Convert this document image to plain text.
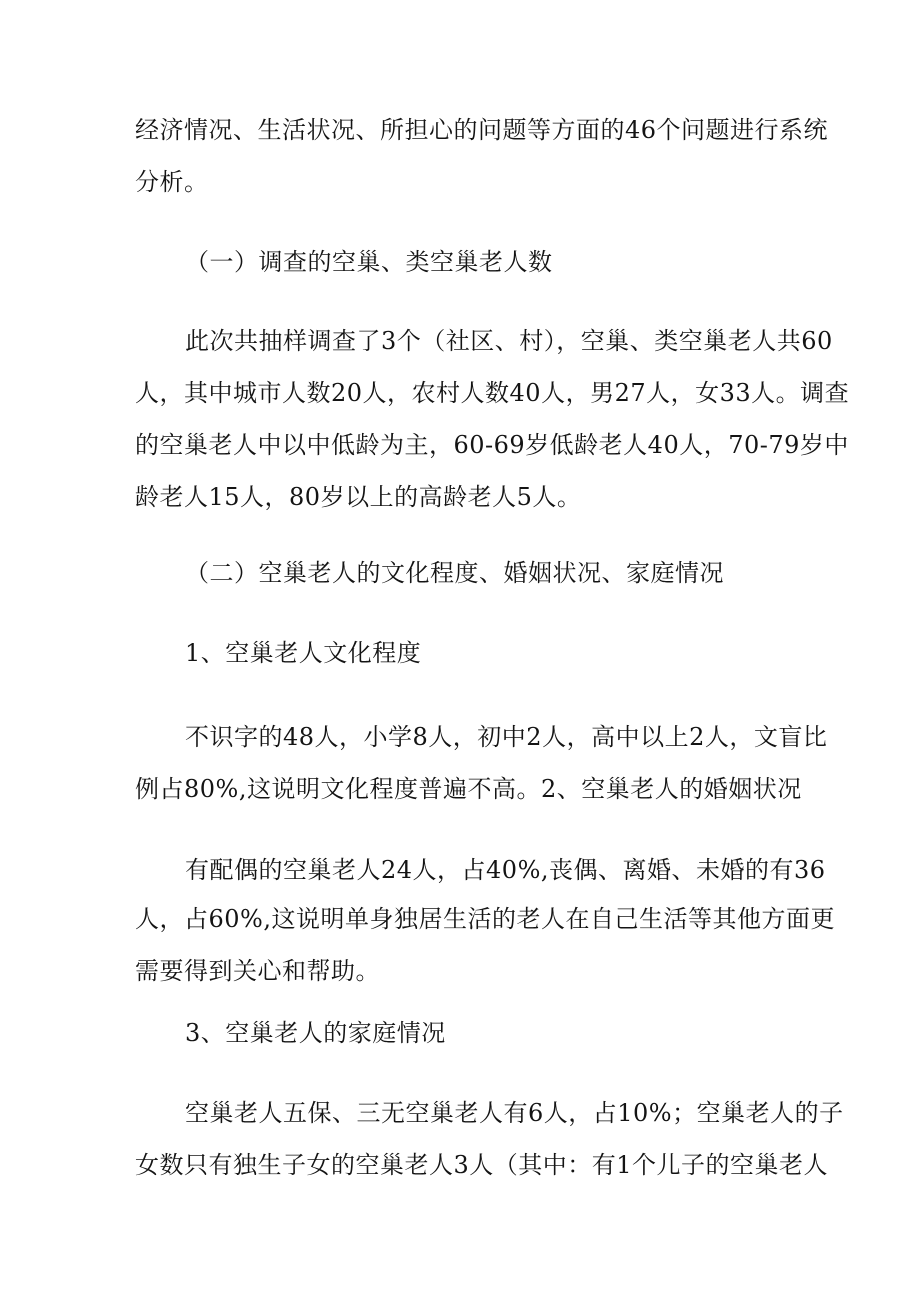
经济情况、生活状况、所担心的问题等方面的46个问题进行系统
分析。
（一）调查的空巢、类空巢老人数
此次共抽样调查了3个（社区、村），空巢、类空巢老人共60
人，其中城市人数20人，农村人数40人，男27人，女33人。调查
的空巢老人中以中低龄为主，60-69岁低龄老人40人，70-79岁中
龄老人15人，80岁以上的高龄老人5人。
（二）空巢老人的文化程度、婚姻状况、家庭情况
1、空巢老人文化程度
不识字的48人，小学8人，初中2人，高中以上2人，文盲比
例占80%,这说明文化程度普遍不高。2、空巢老人的婚姻状况
有配偶的空巢老人24人，占40%,丧偶、离婚、未婚的有36
人，占60%,这说明单身独居生活的老人在自己生活等其他方面更
需要得到关心和帮助。
3、空巢老人的家庭情况
空巢老人五保、三无空巢老人有6人，占10%；空巢老人的子
女数只有独生子女的空巢老人3人（其中：有1个儿子的空巢老人
